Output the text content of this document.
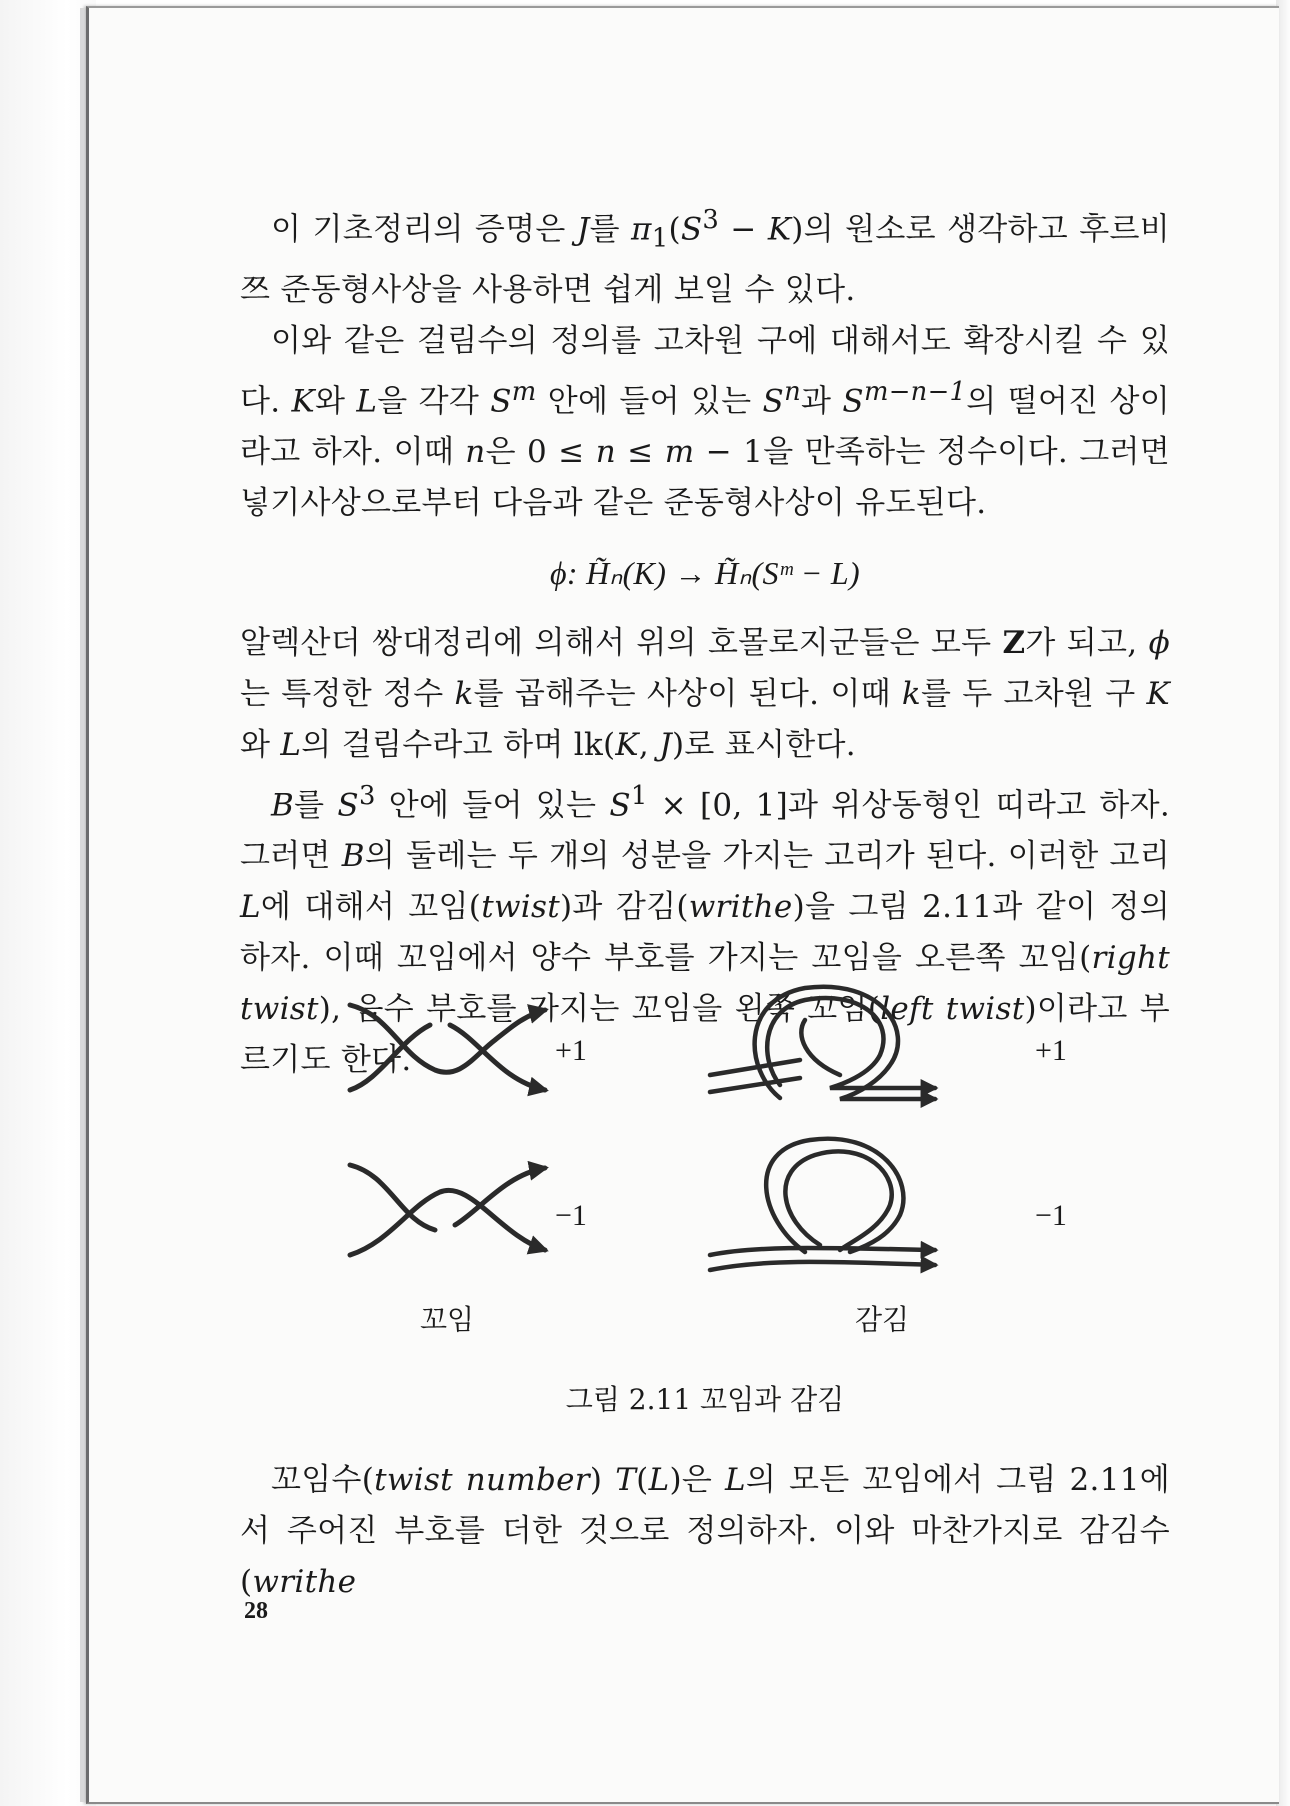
이 기초정리의 증명은 J를 $\pi_1(S^3 - K)$의 원소로 생각하고 후르비쯔 준동형사상을 사용하면 쉽게 보일 수 있다.

이와 같은 걸림수의 정의를 고차원 구에 대해서도 확장시킬 수 있다. K와 L을 각각 $S^m$ 안에 들어 있는 $S^n$과 $S^{m-n-1}$의 떨어진 상이라고 하자. 이때 n은 0 ≤ n ≤ m − 1을 만족하는 정수이다. 그러면 넣기사상으로부터 다음과 같은 준동형사상이 유도된다.

ϕ: H̃ₙ(K) → H̃ₙ(Sᵐ − L)

알렉산더 쌍대정리에 의해서 위의 호몰로지군들은 모두 Z가 되고, ϕ는 특정한 정수 k를 곱해주는 사상이 된다. 이때 k를 두 고차원 구 K와 L의 걸림수라고 하며 lk(K, J)로 표시한다.

B를 $S^3$ 안에 들어 있는 $S^1 \times [0$, 1]과 위상동형인 띠라고 하자. 그러면 B의 둘레는 두 개의 성분을 가지는 고리가 된다. 이러한 고리 L에 대해서 꼬임(twist)과 감김(writhe)을 그림 2.11과 같이 정의하자. 이때 꼬임에서 양수 부호를 가지는 꼬임을 오른쪽 꼬임(right twist), 음수 부호를 가지는 꼬임을 왼쪽 꼬임(left twist)이라고 부르기도 한다.	+1
−1
+1
−1
꼬임	감김
그림 2.11 꼬임과 감김

꼬임수(twist number) T(L)은 L의 모든 꼬임에서 그림 2.11에서 주어진 부호를 더한 것으로 정의하자. 이와 마찬가지로 감김수(writhe

28
